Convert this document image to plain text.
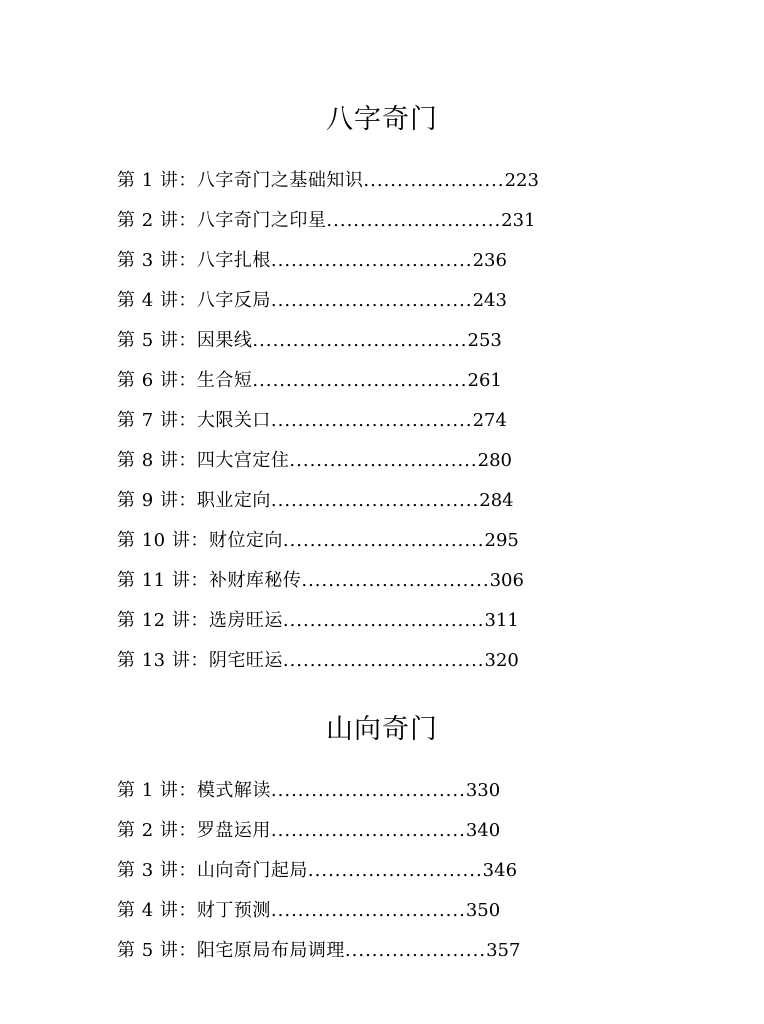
八字奇门
第 1 讲：八字奇门之基础知识.....................223
第 2 讲：八字奇门之印星..........................231
第 3 讲：八字扎根..............................236
第 4 讲：八字反局..............................243
第 5 讲：因果线................................253
第 6 讲：生合短................................261
第 7 讲：大限关口..............................274
第 8 讲：四大宫定住............................280
第 9 讲：职业定向...............................284
第 10 讲：财位定向..............................295
第 11 讲：补财库秘传............................306
第 12 讲：选房旺运..............................311
第 13 讲：阴宅旺运..............................320
山向奇门
第 1 讲：模式解读.............................330
第 2 讲：罗盘运用.............................340
第 3 讲：山向奇门起局..........................346
第 4 讲：财丁预测.............................350
第 5 讲：阳宅原局布局调理.....................357
